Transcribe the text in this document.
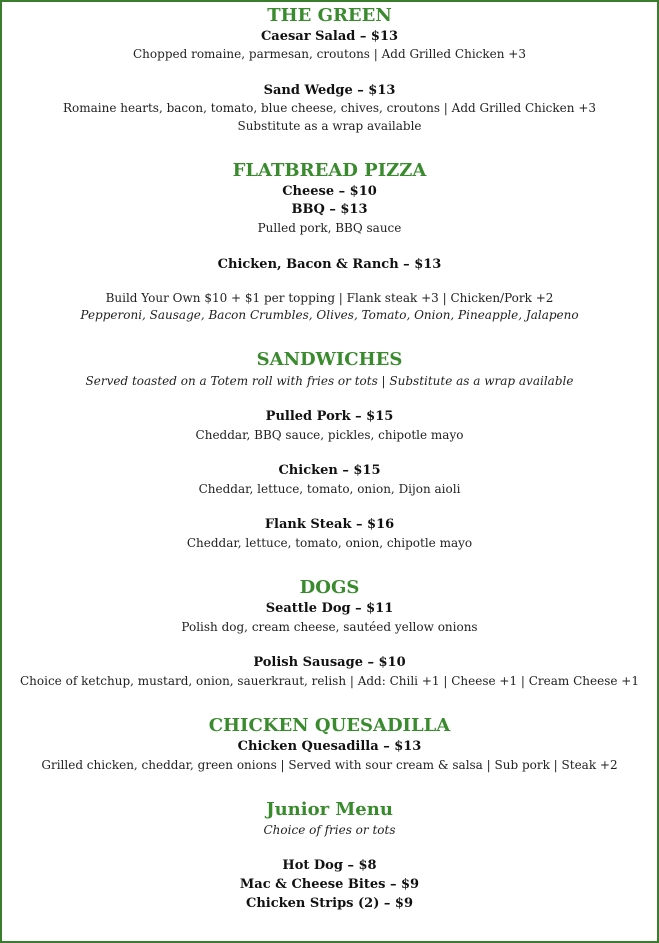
THE GREEN
Caesar Salad – $13
Chopped romaine, parmesan, croutons | Add Grilled Chicken +3
Sand Wedge – $13
Romaine hearts, bacon, tomato, blue cheese, chives, croutons | Add Grilled Chicken +3
Substitute as a wrap available
FLATBREAD PIZZA
Cheese – $10
BBQ – $13
Pulled pork, BBQ sauce
Chicken, Bacon & Ranch – $13
Build Your Own $10 + $1 per topping | Flank steak +3 | Chicken/Pork +2
Pepperoni, Sausage, Bacon Crumbles, Olives, Tomato, Onion, Pineapple, Jalapeno
SANDWICHES
Served toasted on a Totem roll with fries or tots | Substitute as a wrap available
Pulled Pork – $15
Cheddar, BBQ sauce, pickles, chipotle mayo
Chicken – $15
Cheddar, lettuce, tomato, onion, Dijon aioli
Flank Steak – $16
Cheddar, lettuce, tomato, onion, chipotle mayo
DOGS
Seattle Dog – $11
Polish dog, cream cheese, sautéed yellow onions
Polish Sausage – $10
Choice of ketchup, mustard, onion, sauerkraut, relish | Add: Chili +1 | Cheese +1 | Cream Cheese +1
CHICKEN QUESADILLA
Chicken Quesadilla – $13
Grilled chicken, cheddar, green onions | Served with sour cream & salsa | Sub pork | Steak +2
Junior Menu
Choice of fries or tots
Hot Dog – $8
Mac & Cheese Bites – $9
Chicken Strips (2) – $9
